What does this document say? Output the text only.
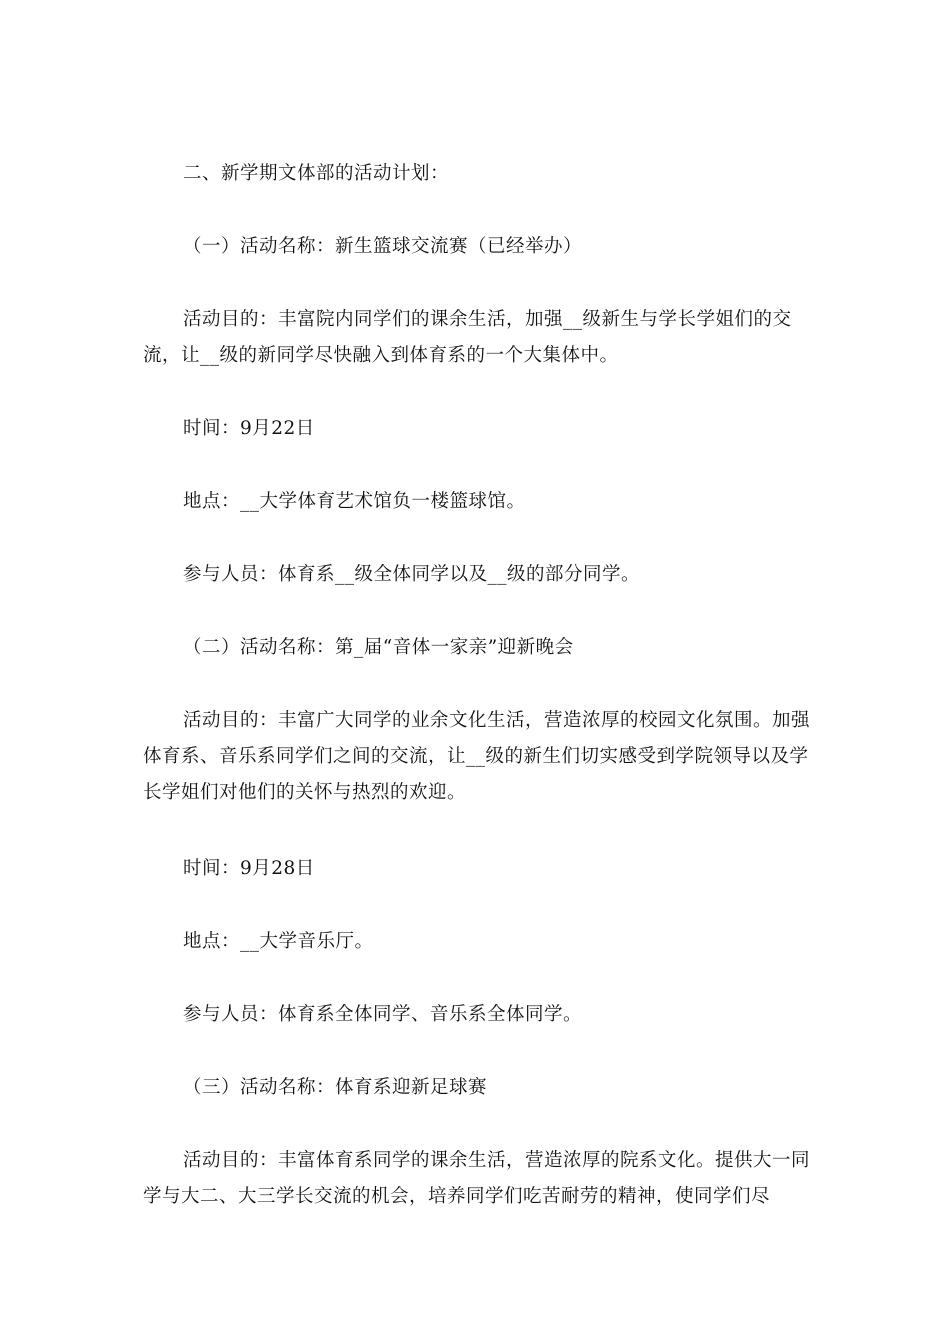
二、新学期文体部的活动计划：

（一）活动名称：新生篮球交流赛（已经举办）

活动目的：丰富院内同学们的课余生活，加强__级新生与学长学姐们的交流，让__级的新同学尽快融入到体育系的一个大集体中。

时间：9月22日

地点：__大学体育艺术馆负一楼篮球馆。

参与人员：体育系__级全体同学以及__级的部分同学。

（二）活动名称：第_届“音体一家亲”迎新晚会

活动目的：丰富广大同学的业余文化生活，营造浓厚的校园文化氛围。加强体育系、音乐系同学们之间的交流，让__级的新生们切实感受到学院领导以及学长学姐们对他们的关怀与热烈的欢迎。

时间：9月28日

地点：__大学音乐厅。

参与人员：体育系全体同学、音乐系全体同学。

（三）活动名称：体育系迎新足球赛

活动目的：丰富体育系同学的课余生活，营造浓厚的院系文化。提供大一同学与大二、大三学长交流的机会，培养同学们吃苦耐劳的精神，使同学们尽
